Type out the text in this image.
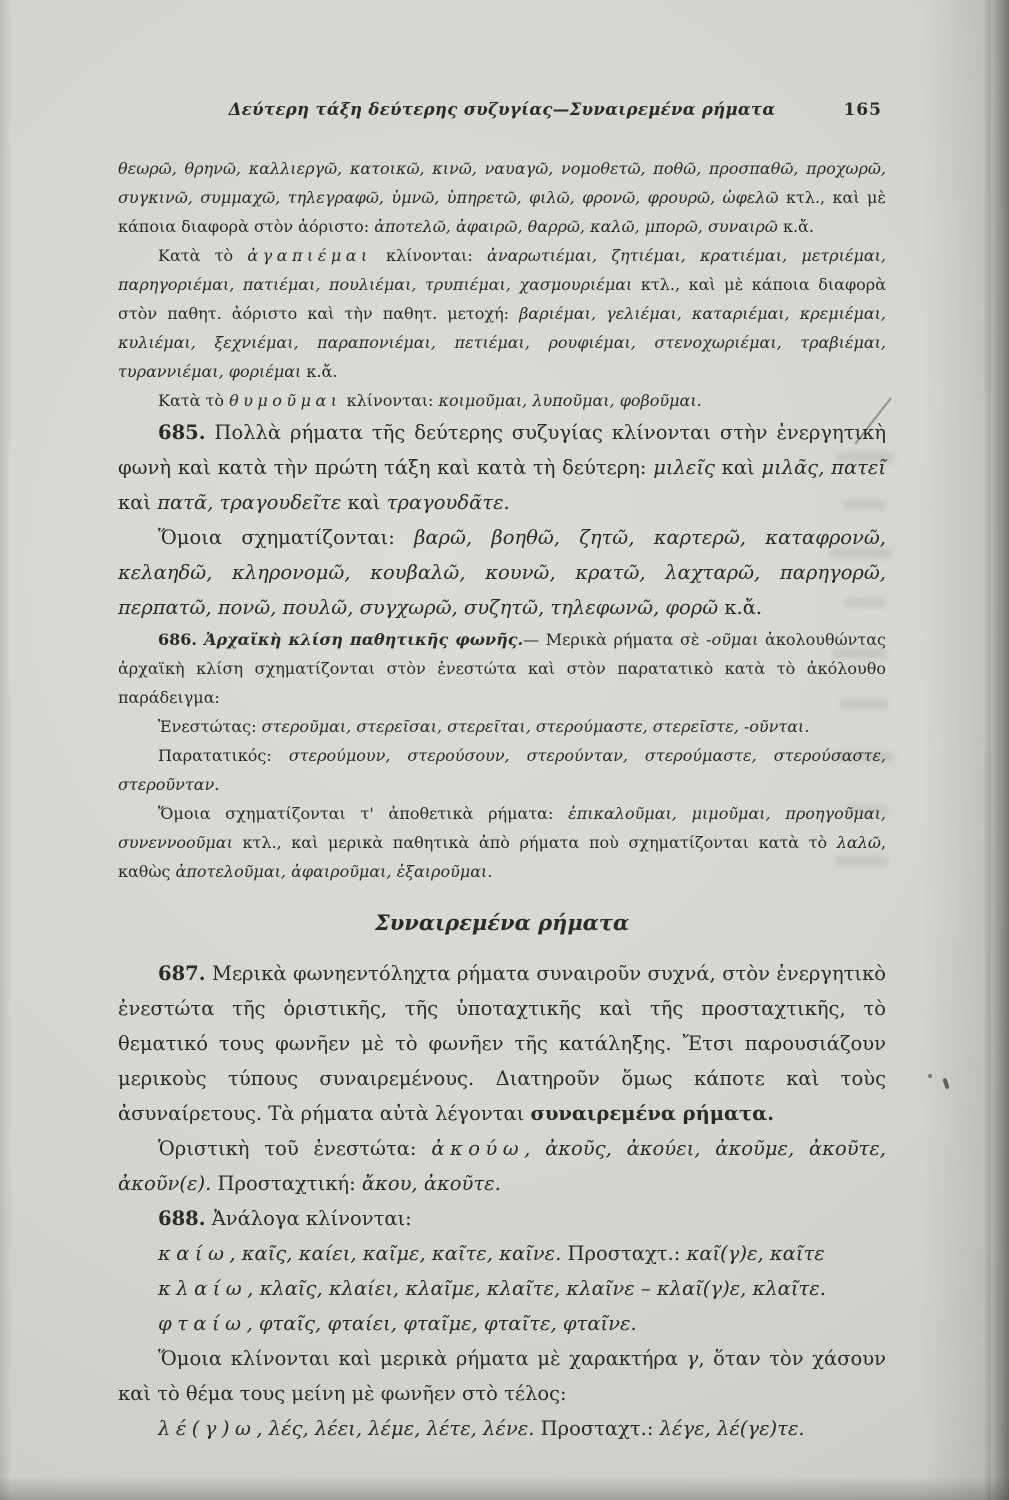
Δεύτερη τάξη δεύτερης συζυγίας—Συναιρεμένα ρήματα	165

θεωρῶ, θρηνῶ, καλλιεργῶ, κατοικῶ, κινῶ, ναυαγῶ, νομοθετῶ, ποθῶ, προσπαθῶ, προχωρῶ, συγκινῶ, συμμαχῶ, τηλεγραφῶ, ὑμνῶ, ὑπηρετῶ, φιλῶ, φρονῶ, φρουρῶ, ὠφελῶ κτλ., καὶ μὲ κάποια διαφορὰ στὸν ἀόριστο: ἀποτελῶ, ἀφαιρῶ, θαρρῶ, καλῶ, μπορῶ, συναιρῶ κ.ἄ.

Κατὰ τὸ ἀγαπιέμαι κλίνονται: ἀναρωτιέμαι, ζητιέμαι, κρατιέμαι, μετριέμαι, παρηγοριέμαι, πατιέμαι, πουλιέμαι, τρυπιέμαι, χασμουριέμαι κτλ., καὶ μὲ κάποια διαφορὰ στὸν παθητ. ἀόριστο καὶ τὴν παθητ. μετοχή: βαριέμαι, γελιέμαι, καταριέμαι, κρεμιέμαι, κυλιέμαι, ξεχνιέμαι, παραπονιέμαι, πετιέμαι, ρουφιέμαι, στενοχωριέμαι, τραβιέμαι, τυραννιέμαι, φοριέμαι κ.ἄ.

Κατὰ τὸ θυμοῦμαι κλίνονται: κοιμοῦμαι, λυποῦμαι, φοβοῦμαι.

685. Πολλὰ ρήματα τῆς δεύτερης συζυγίας κλίνονται στὴν ἐνεργητικὴ φωνὴ καὶ κατὰ τὴν πρώτη τάξη καὶ κατὰ τὴ δεύτερη: μιλεῖς καὶ μιλᾶς, πατεῖ καὶ πατᾶ, τραγουδεῖτε καὶ τραγουδᾶτε.

Ὅμοια σχηματίζονται: βαρῶ, βοηθῶ, ζητῶ, καρτερῶ, καταφρονῶ, κελαηδῶ, κληρονομῶ, κουβαλῶ, κουνῶ, κρατῶ, λαχταρῶ, παρηγορῶ, περπατῶ, πονῶ, πουλῶ, συγχωρῶ, συζητῶ, τηλεφωνῶ, φορῶ κ.ἄ.

686. Ἀρχαϊκὴ κλίση παθητικῆς φωνῆς.— Μερικὰ ρήματα σὲ -οῦμαι ἀκολουθώντας ἀρχαϊκὴ κλίση σχηματίζονται στὸν ἐνεστώτα καὶ στὸν παρατατικὸ κατὰ τὸ ἀκόλουθο παράδειγμα:

Ἐνεστώτας: στεροῦμαι, στερεῖσαι, στερεῖται, στερούμαστε, στερεῖστε, -οῦνται.

Παρατατικός: στερούμουν, στερούσουν, στερούνταν, στερούμαστε, στερούσαστε, στεροῦνταν.

Ὅμοια σχηματίζονται τ' ἀποθετικὰ ρήματα: ἐπικαλοῦμαι, μιμοῦμαι, προηγοῦμαι, συνεννοοῦμαι κτλ., καὶ μερικὰ παθητικὰ ἀπὸ ρήματα ποὺ σχηματίζονται κατὰ τὸ λαλῶ, καθὼς ἀποτελοῦμαι, ἀφαιροῦμαι, ἐξαιροῦμαι.

Συναιρεμένα ρήματα

687. Μερικὰ φωνηεντόληχτα ρήματα συναιροῦν συχνά, στὸν ἐνεργητικὸ ἐνεστώτα τῆς ὁριστικῆς, τῆς ὑποταχτικῆς καὶ τῆς προσταχτικῆς, τὸ θεματικό τους φωνῆεν μὲ τὸ φωνῆεν τῆς κατάληξης. Ἔτσι παρουσιάζουν μερικοὺς τύπους συναιρεμένους. Διατηροῦν ὅμως κάποτε καὶ τοὺς ἀσυναίρετους. Τὰ ρήματα αὐτὰ λέγονται συναιρεμένα ρήματα.

Ὁριστικὴ τοῦ ἐνεστώτα: ἀκούω, ἀκοῦς, ἀκούει, ἀκοῦμε, ἀκοῦτε, ἀκοῦν(ε). Προσταχτική: ἄκου, ἀκοῦτε.

688. Ἀνάλογα κλίνονται:

καίω, καῖς, καίει, καῖμε, καῖτε, καῖνε. Προσταχτ.: καῖ(γ)ε, καῖτε

κλαίω, κλαῖς, κλαίει, κλαῖμε, κλαῖτε, κλαῖνε – κλαῖ(γ)ε, κλαῖτε.

φταίω, φταῖς, φταίει, φταῖμε, φταῖτε, φταῖνε.

Ὅμοια κλίνονται καὶ μερικὰ ρήματα μὲ χαρακτήρα γ, ὅταν τὸν χάσουν καὶ τὸ θέμα τους μείνη μὲ φωνῆεν στὸ τέλος:

λέ(γ)ω, λές, λέει, λέμε, λέτε, λένε. Προσταχτ.: λέγε, λέ(γε)τε.
